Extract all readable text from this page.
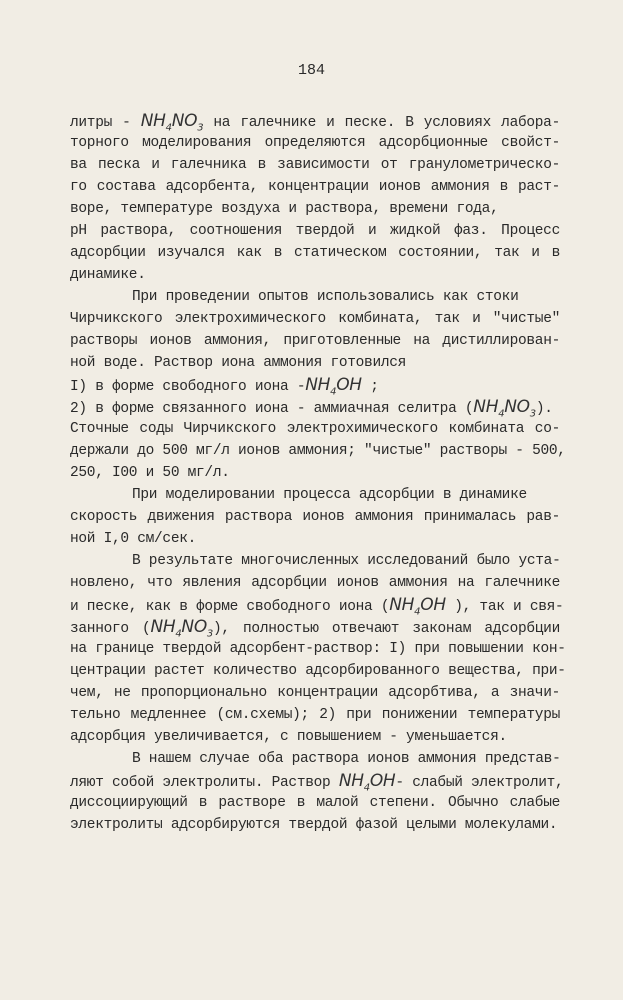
184
литры - $NH_4NO_3$ на галечнике и песке. В условиях лабора-
торного моделирования определяются адсорбционные свойст-
ва песка и галечника в зависимости от гранулометрическо-
го состава адсорбента, концентрации ионов аммония в раст-
воре, температуре воздуха и раствора, времени года,
pH раствора, соотношения твердой и жидкой фаз. Процесс
адсорбции изучался как в статическом состоянии, так и в
динамике.
При проведении опытов использовались как стоки
Чирчикского электрохимического комбината, так и "чистые"
растворы ионов аммония, приготовленные на дистиллирован-
ной воде. Раствор иона аммония готовился
I) в форме свободного иона $-NH_4OH$ ;
2) в форме связанного иона - аммиачная селитра $(NH_4NO_3)$.
Сточные соды Чирчикского электрохимического комбината со-
держали до 500 мг/л ионов аммония; "чистые" растворы - 500,
250, I00 и 50 мг/л.
При моделировании процесса адсорбции в динамике
скорость движения раствора ионов аммония принималась рав-
ной I,0 см/сек.
В результате многочисленных исследований было уста-
новлено, что явления адсорбции ионов аммония на галечнике
и песке, как в форме свободного иона ($NH_4OH$ ), так и свя-
занного $(NH_4NO_3)$, полностью отвечают законам адсорбции
на границе твердой адсорбент-раствор: I) при повышении кон-
центрации растет количество адсорбированного вещества, при-
чем, не пропорционально концентрации адсорбтива, а значи-
тельно медленнее (см.схемы); 2) при понижении температуры
адсорбция увеличивается, с повышением - уменьшается.
В нашем случае оба раствора ионов аммония представ-
ляют собой электролиты. Раствор $NH_4OH-$ слабый электролит,
диссоциирующий в растворе в малой степени. Обычно слабые
электролиты адсорбируются твердой фазой целыми молекулами.
